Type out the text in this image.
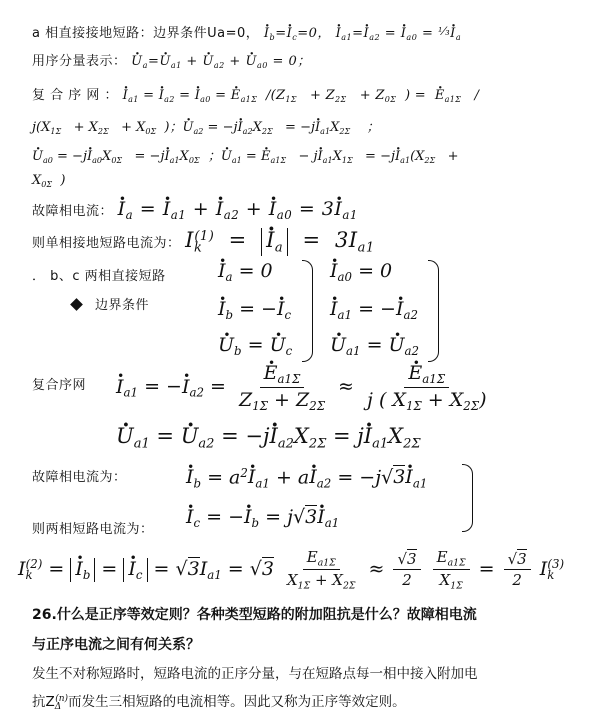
a 相直接接地短路：边界条件Ua=0， · $I_b=\cdot I_c=0$， · $I_{a1}=\cdot I_{a2}$ = · $I_{a0}$ = ¹⁄₃· $I_a$
用序分量表示： · $U_a=\cdot U_{a1}$ + · $U_{a2}$ + · $U_{a0} = 0$；
复 合 序 网 ： · $I_{a1}$ = · $I_{a2}$ = · $I_{a0}$ = · $E_{a1\Sigma}$  $/(Z_{1\Sigma} + Z_{2\Sigma} + Z_{0\Sigma}$  ) =  · $E_{a1\Sigma}$   /
$j(X_{1\Sigma} + X_{2\Sigma} + X_{0\Sigma}$  )；· $U_{a2} = -j\cdot I_{a2}X_{2\Sigma} = -j\cdot I_{a1}X_{2\Sigma}$    ；
· $U_{a0} = -j\cdot I_{a0}X_{0\Sigma} = -j\cdot I_{a1}X_{0\Sigma}$  ；· $U_{a1}$ = · $E_{a1\Sigma} - j\cdot I_{a1}X_{1\Sigma} = -j\cdot I_{a1}(X_{2\Sigma}$   +
$X_{0\Sigma}$  )
故障相电流： · $I_a$ = · $I_{a1}$ + · $I_{a2}$ + · $I_{a0} = 3\cdot I_{a1}$
则单相接地短路电流为： $I_k^{(1)}$  =  · $I_a = 3I_{a1}$
． b、c 两相直接短路
边界条件
· $I_a = 0$
· $I_b$ = −· $I_c$
· $U_b$ = · $U_c$
· $I_{a0} = 0$
· $I_{a1}$ = −· $I_{a2}$
· $U_{a1}$ = · $U_{a2}$
复合序网 · $I_{a1}$ = −· $I_{a2}$ = · $\frac{E_{a1\Sigma}}{Z_{1\Sigma} + Z_{2\Sigma}}$ ≈ · $\frac{E_{a1\Sigma}}{j ( X_{1\Sigma} + X_{2\Sigma})}$
· $U_{a1}$ = · $U_{a2} = -j\cdot I_{a2}X_{2\Sigma} = j\cdot I_{a1}X_{2\Sigma}$
故障相电流为：	· $I_b = a^2\cdot I_{a1} + a\cdot I_{a2} = -j√3\cdot I_{a1}$
· $I_c$ = −· $I_b = j√3\cdot I_{a1}$
则两相短路电流为：
$I_k^{(2)}$ = · $I_b$ = · $I_c = √3I_{a1} = √3 \frac{E_{a1\Sigma}}{X_{1\Sigma} + X_{2\Sigma}} \approx \frac{√3}{2}$
$\frac{E_{a1\Sigma}}{X_{1\Sigma}} = \frac{√3}{2} I_k^{(3)}$
26.什么是正序等效定则？各种类型短路的附加阻抗是什么？故障相电流
与正序电流之间有何关系？
发生不对称短路时，短路电流的正序分量，与在短路点每一相中接入附加电
抗$Z_\Delta^{(n)}$而发生三相短路的电流相等。因此又称为正序等效定则。
